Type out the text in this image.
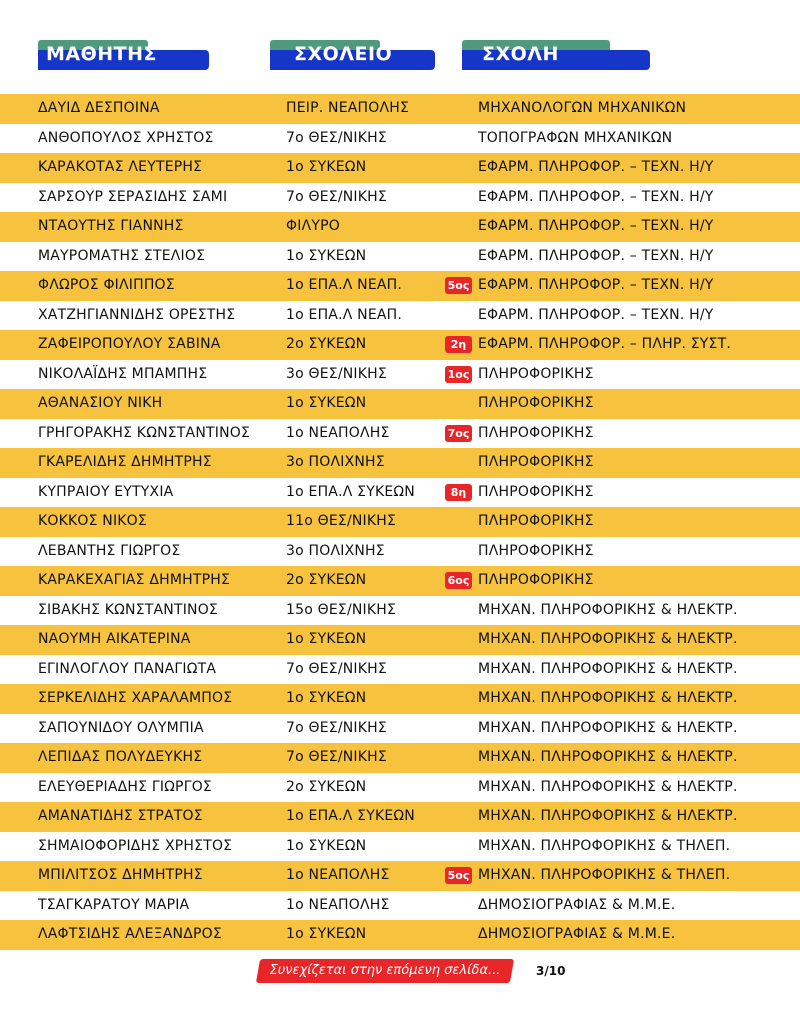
ΜΑΘΗΤΗΣ	ΣΧΟΛΕΙΟ	ΣΧΟΛΗ
ΔΑΥΙΔ ΔΕΣΠΟΙΝΑ	ΠΕΙΡ. ΝΕΑΠΟΛΗΣ	ΜΗΧΑΝΟΛΟΓΩΝ ΜΗΧΑΝΙΚΩΝ
ΑΝΘΟΠΟΥΛΟΣ ΧΡΗΣΤΟΣ	7ο ΘΕΣ/ΝΙΚΗΣ	ΤΟΠΟΓΡΑΦΩΝ ΜΗΧΑΝΙΚΩΝ
ΚΑΡΑΚΟΤΑΣ ΛΕΥΤΕΡΗΣ	1ο ΣΥΚΕΩΝ	ΕΦΑΡΜ. ΠΛΗΡΟΦΟΡ. – ΤΕΧΝ. Η/Υ
ΣΑΡΣΟΥΡ ΣΕΡΑΣΙΔΗΣ ΣΑΜΙ	7ο ΘΕΣ/ΝΙΚΗΣ	ΕΦΑΡΜ. ΠΛΗΡΟΦΟΡ. – ΤΕΧΝ. Η/Υ
ΝΤΑΟΥΤΗΣ ΓΙΑΝΝΗΣ	ΦΙΛΥΡΟ	ΕΦΑΡΜ. ΠΛΗΡΟΦΟΡ. – ΤΕΧΝ. Η/Υ
ΜΑΥΡΟΜΑΤΗΣ ΣΤΕΛΙΟΣ	1ο ΣΥΚΕΩΝ	ΕΦΑΡΜ. ΠΛΗΡΟΦΟΡ. – ΤΕΧΝ. Η/Υ
ΦΛΩΡΟΣ ΦΙΛΙΠΠΟΣ	1ο ΕΠΑ.Λ ΝΕΑΠ.	5ος ΕΦΑΡΜ. ΠΛΗΡΟΦΟΡ. – ΤΕΧΝ. Η/Υ
ΧΑΤΖΗΓΙΑΝΝΙΔΗΣ ΟΡΕΣΤΗΣ	1ο ΕΠΑ.Λ ΝΕΑΠ.	ΕΦΑΡΜ. ΠΛΗΡΟΦΟΡ. – ΤΕΧΝ. Η/Υ
ΖΑΦΕΙΡΟΠΟΥΛΟΥ ΣΑΒΙΝΑ	2ο ΣΥΚΕΩΝ	2η ΕΦΑΡΜ. ΠΛΗΡΟΦΟΡ. – ΠΛΗΡ. ΣΥΣΤ.
ΝΙΚΟΛΑΪΔΗΣ ΜΠΑΜΠΗΣ	3ο ΘΕΣ/ΝΙΚΗΣ	1ος ΠΛΗΡΟΦΟΡΙΚΗΣ
ΑΘΑΝΑΣΙΟΥ ΝΙΚΗ	1ο ΣΥΚΕΩΝ	ΠΛΗΡΟΦΟΡΙΚΗΣ
ΓΡΗΓΟΡΑΚΗΣ ΚΩΝΣΤΑΝΤΙΝΟΣ	1ο ΝΕΑΠΟΛΗΣ	7ος ΠΛΗΡΟΦΟΡΙΚΗΣ
ΓΚΑΡΕΛΙΔΗΣ ΔΗΜΗΤΡΗΣ	3ο ΠΟΛΙΧΝΗΣ	ΠΛΗΡΟΦΟΡΙΚΗΣ
ΚΥΠΡΑΙΟΥ ΕΥΤΥΧΙΑ	1ο ΕΠΑ.Λ ΣΥΚΕΩΝ	8η ΠΛΗΡΟΦΟΡΙΚΗΣ
ΚΟΚΚΟΣ ΝΙΚΟΣ	11ο ΘΕΣ/ΝΙΚΗΣ	ΠΛΗΡΟΦΟΡΙΚΗΣ
ΛΕΒΑΝΤΗΣ ΓΙΩΡΓΟΣ	3ο ΠΟΛΙΧΝΗΣ	ΠΛΗΡΟΦΟΡΙΚΗΣ
ΚΑΡΑΚΕΧΑΓΙΑΣ ΔΗΜΗΤΡΗΣ	2ο ΣΥΚΕΩΝ	6ος ΠΛΗΡΟΦΟΡΙΚΗΣ
ΣΙΒΑΚΗΣ ΚΩΝΣΤΑΝΤΙΝΟΣ	15ο ΘΕΣ/ΝΙΚΗΣ	ΜΗΧΑΝ. ΠΛΗΡΟΦΟΡΙΚΗΣ & ΗΛΕΚΤΡ.
ΝΑΟΥΜΗ ΑΙΚΑΤΕΡΙΝΑ	1ο ΣΥΚΕΩΝ	ΜΗΧΑΝ. ΠΛΗΡΟΦΟΡΙΚΗΣ & ΗΛΕΚΤΡ.
ΕΓΙΝΛΟΓΛΟΥ ΠΑΝΑΓΙΩΤΑ	7ο ΘΕΣ/ΝΙΚΗΣ	ΜΗΧΑΝ. ΠΛΗΡΟΦΟΡΙΚΗΣ & ΗΛΕΚΤΡ.
ΣΕΡΚΕΛΙΔΗΣ ΧΑΡΑΛΑΜΠΟΣ	1ο ΣΥΚΕΩΝ	ΜΗΧΑΝ. ΠΛΗΡΟΦΟΡΙΚΗΣ & ΗΛΕΚΤΡ.
ΣΑΠΟΥΝΙΔΟΥ ΟΛΥΜΠΙΑ	7ο ΘΕΣ/ΝΙΚΗΣ	ΜΗΧΑΝ. ΠΛΗΡΟΦΟΡΙΚΗΣ & ΗΛΕΚΤΡ.
ΛΕΠΙΔΑΣ ΠΟΛΥΔΕΥΚΗΣ	7ο ΘΕΣ/ΝΙΚΗΣ	ΜΗΧΑΝ. ΠΛΗΡΟΦΟΡΙΚΗΣ & ΗΛΕΚΤΡ.
ΕΛΕΥΘΕΡΙΑΔΗΣ ΓΙΩΡΓΟΣ	2ο ΣΥΚΕΩΝ	ΜΗΧΑΝ. ΠΛΗΡΟΦΟΡΙΚΗΣ & ΗΛΕΚΤΡ.
ΑΜΑΝΑΤΙΔΗΣ ΣΤΡΑΤΟΣ	1ο ΕΠΑ.Λ ΣΥΚΕΩΝ	ΜΗΧΑΝ. ΠΛΗΡΟΦΟΡΙΚΗΣ & ΗΛΕΚΤΡ.
ΣΗΜΑΙΟΦΟΡΙΔΗΣ ΧΡΗΣΤΟΣ	1ο ΣΥΚΕΩΝ	ΜΗΧΑΝ. ΠΛΗΡΟΦΟΡΙΚΗΣ & ΤΗΛΕΠ.
ΜΠΙΛΙΤΣΟΣ ΔΗΜΗΤΡΗΣ	1ο ΝΕΑΠΟΛΗΣ	5ος ΜΗΧΑΝ. ΠΛΗΡΟΦΟΡΙΚΗΣ & ΤΗΛΕΠ.
ΤΣΑΓΚΑΡΑΤΟΥ ΜΑΡΙΑ	1ο ΝΕΑΠΟΛΗΣ	ΔΗΜΟΣΙΟΓΡΑΦΙΑΣ & Μ.Μ.Ε.
ΛΑΦΤΣΙΔΗΣ ΑΛΕΞΑΝΔΡΟΣ	1ο ΣΥΚΕΩΝ	ΔΗΜΟΣΙΟΓΡΑΦΙΑΣ & Μ.Μ.Ε.
Συνεχίζεται στην επόμενη σελίδα...	3/10
